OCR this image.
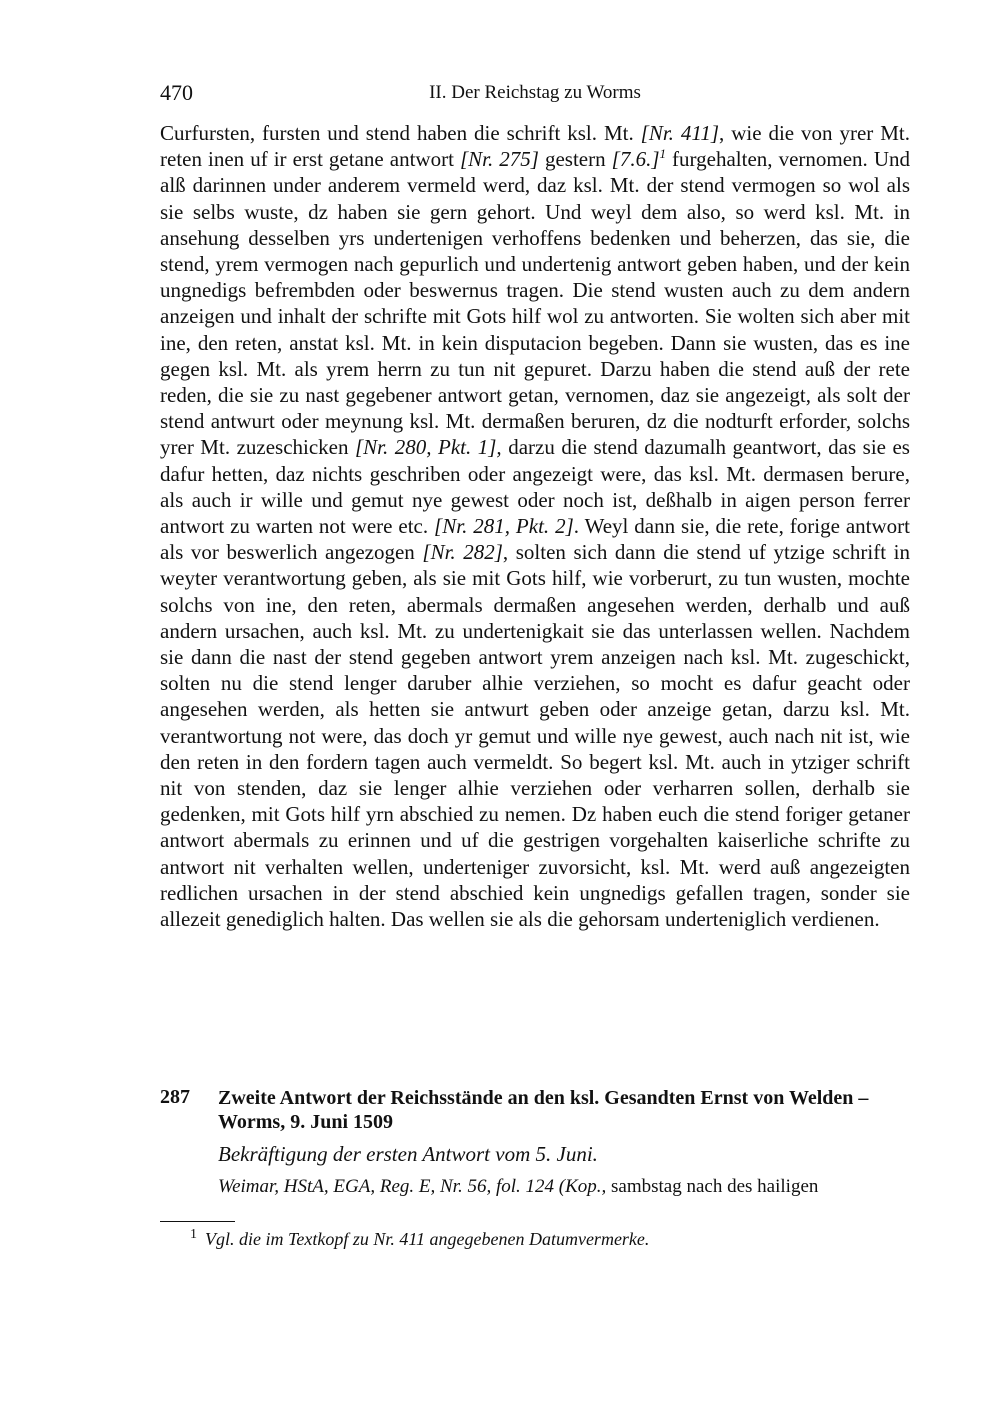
470	II. Der Reichstag zu Worms

Curfursten, fursten und stend haben die schrift ksl. Mt. [Nr. 411], wie die von yrer Mt. reten inen uf ir erst getane antwort [Nr. 275] gestern $[7.6.]^1$ furgehalten, vernomen. Und alß darinnen under anderem vermeld werd, daz ksl. Mt. der stend vermogen so wol als sie selbs wuste, dz haben sie gern gehort. Und weyl dem also, so werd ksl. Mt. in ansehung desselben yrs undertenigen verhoffens bedenken und beherzen, das sie, die stend, yrem vermogen nach gepurlich und undertenig antwort geben haben, und der kein ungnedigs befrembden oder beswernus tragen. Die stend wusten auch zu dem andern anzeigen und inhalt der schrifte mit Gots hilf wol zu antworten. Sie wolten sich aber mit ine, den reten, anstat ksl. Mt. in kein disputacion begeben. Dann sie wusten, das es ine gegen ksl. Mt. als yrem herrn zu tun nit gepuret. Darzu haben die stend auß der rete reden, die sie zu nast gegebener antwort getan, vernomen, daz sie angezeigt, als solt der stend antwurt oder meynung ksl. Mt. dermaßen beruren, dz die nodturft erforder, solchs yrer Mt. zuzeschicken [Nr. 280, Pkt. 1], darzu die stend dazumalh geantwort, das sie es dafur hetten, daz nichts geschriben oder angezeigt were, das ksl. Mt. dermasen berure, als auch ir wille und gemut nye gewest oder noch ist, deßhalb in aigen person ferrer antwort zu warten not were etc. [Nr. 281, Pkt. 2]. Weyl dann sie, die rete, forige antwort als vor beswerlich angezogen [Nr. 282], solten sich dann die stend uf ytzige schrift in weyter verantwortung geben, als sie mit Gots hilf, wie vorberurt, zu tun wusten, mochte solchs von ine, den reten, abermals dermaßen angesehen werden, derhalb und auß andern ursachen, auch ksl. Mt. zu undertenigkait sie das unterlassen wellen. Nachdem sie dann die nast der stend gegeben antwort yrem anzeigen nach ksl. Mt. zugeschickt, solten nu die stend lenger daruber alhie verziehen, so mocht es dafur geacht oder angesehen werden, als hetten sie antwurt geben oder anzeige getan, darzu ksl. Mt. verantwortung not were, das doch yr gemut und wille nye gewest, auch nach nit ist, wie den reten in den fordern tagen auch vermeldt. So begert ksl. Mt. auch in ytziger schrift nit von stenden, daz sie lenger alhie verziehen oder verharren sollen, derhalb sie gedenken, mit Gots hilf yrn abschied zu nemen. Dz haben euch die stend foriger getaner antwort abermals zu erinnen und uf die gestrigen vorgehalten kaiserliche schrifte zu antwort nit verhalten wellen, underteniger zuvorsicht, ksl. Mt. werd auß angezeigten redlichen ursachen in der stend abschied kein ungnedigs gefallen tragen, sonder sie allezeit genediglich halten. Das wellen sie als die gehorsam underteniglich verdienen.

287 Zweite Antwort der Reichsstände an den ksl. Gesandten Ernst von Welden – Worms, 9. Juni 1509

Bekräftigung der ersten Antwort vom 5. Juni.

Weimar, HStA, EGA, Reg. E, Nr. 56, fol. 124 (Kop., sambstag nach des hailigen

$^1$ Vgl. die im Textkopf zu Nr. 411 angegebenen Datumvermerke.
